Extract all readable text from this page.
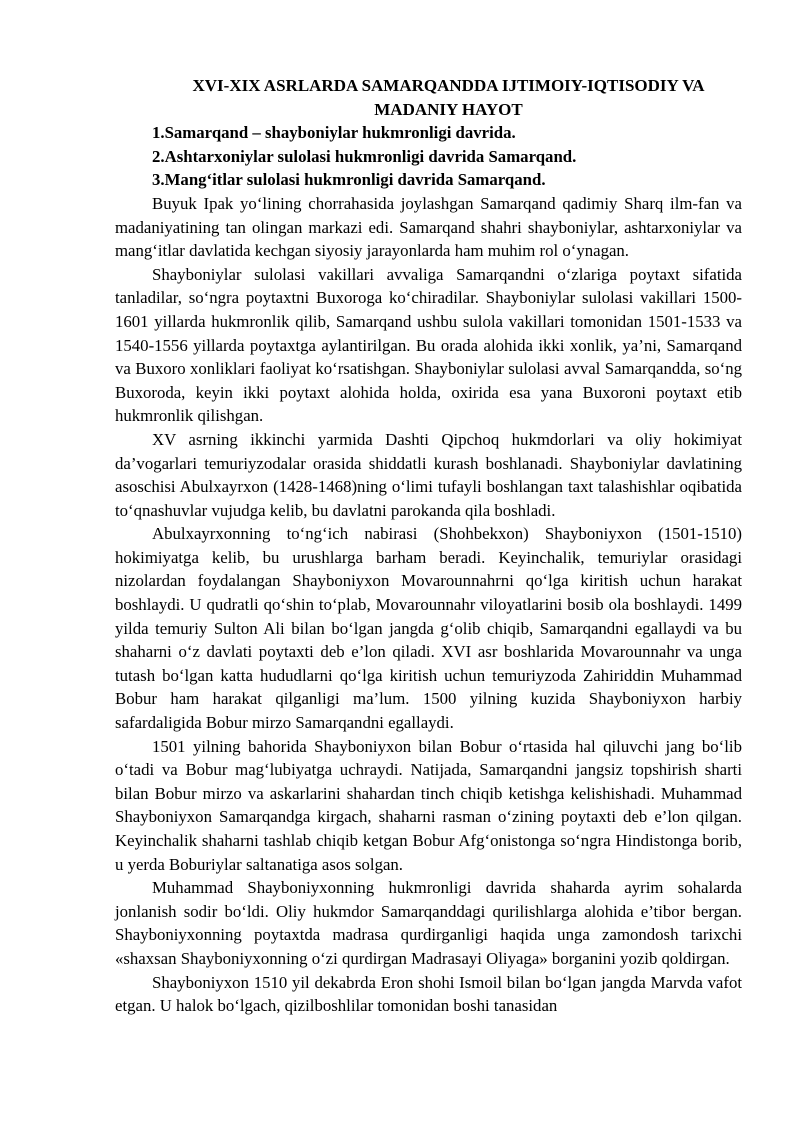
XVI-XIX ASRLARDA SAMARQANDDA IJTIMOIY-IQTISODIY VA MADANIY HAYOT
1.Samarqand – shayboniylar hukmronligi davrida.
2.Ashtarxoniylar sulolasi hukmronligi davrida Samarqand.
3.Mang‘itlar sulolasi hukmronligi davrida Samarqand.

Buyuk Ipak yo‘lining chorrahasida joylashgan Samarqand qadimiy Sharq ilm-fan va madaniyatining tan olingan markazi edi. Samarqand shahri shayboniylar, ashtarxoniylar va mang‘itlar davlatida kechgan siyosiy jarayonlarda ham muhim rol o‘ynagan.

Shayboniylar sulolasi vakillari avvaliga Samarqandni o‘zlariga poytaxt sifatida tanladilar, so‘ngra poytaxtni Buxoroga ko‘chiradilar. Shayboniylar sulolasi vakillari 1500-1601 yillarda hukmronlik qilib, Samarqand ushbu sulola vakillari tomonidan 1501-1533 va 1540-1556 yillarda poytaxtga aylantirilgan. Bu orada alohida ikki xonlik, ya’ni, Samarqand va Buxoro xonliklari faoliyat ko‘rsatishgan. Shayboniylar sulolasi avval Samarqandda, so‘ng Buxoroda, keyin ikki poytaxt alohida holda, oxirida esa yana Buxoroni poytaxt etib hukmronlik qilishgan.

XV asrning ikkinchi yarmida Dashti Qipchoq hukmdorlari va oliy hokimiyat da’vogarlari temuriyzodalar orasida shiddatli kurash boshlanadi. Shayboniylar davlatining asoschisi Abulxayrxon (1428-1468)ning o‘limi tufayli boshlangan taxt talashishlar oqibatida to‘qnashuvlar vujudga kelib, bu davlatni parokanda qila boshladi.

Abulxayrxonning to‘ng‘ich nabirasi (Shohbekxon) Shayboniyxon (1501-1510) hokimiyatga kelib, bu urushlarga barham beradi. Keyinchalik, temuriylar orasidagi nizolardan foydalangan Shayboniyxon Movarounnahrni qo‘lga kiritish uchun harakat boshlaydi. U qudratli qo‘shin to‘plab, Movarounnahr viloyatlarini bosib ola boshlaydi. 1499 yilda temuriy Sulton Ali bilan bo‘lgan jangda g‘olib chiqib, Samarqandni egallaydi va bu shaharni o‘z davlati poytaxti deb e’lon qiladi. XVI asr boshlarida Movarounnahr va unga tutash bo‘lgan katta hududlarni qo‘lga kiritish uchun temuriyzoda Zahiriddin Muhammad Bobur ham harakat qilganligi ma’lum. 1500 yilning kuzida Shayboniyxon harbiy safardaligida Bobur mirzo Samarqandni egallaydi.

1501 yilning bahorida Shayboniyxon bilan Bobur o‘rtasida hal qiluvchi jang bo‘lib o‘tadi va Bobur mag‘lubiyatga uchraydi. Natijada, Samarqandni jangsiz topshirish sharti bilan Bobur mirzo va askarlarini shahardan tinch chiqib ketishga kelishishadi. Muhammad Shayboniyxon Samarqandga kirgach, shaharni rasman o‘zining poytaxti deb e’lon qilgan. Keyinchalik shaharni tashlab chiqib ketgan Bobur Afg‘onistonga so‘ngra Hindistonga borib, u yerda Boburiylar saltanatiga asos solgan.

Muhammad Shayboniyxonning hukmronligi davrida shaharda ayrim sohalarda jonlanish sodir bo‘ldi. Oliy hukmdor Samarqanddagi qurilishlarga alohida e’tibor bergan. Shayboniyxonning poytaxtda madrasa qurdirganligi haqida unga zamondosh tarixchi «shaxsan Shayboniyxonning o‘zi qurdirgan Madrasayi Oliyaga» borganini yozib qoldirgan.

Shayboniyxon 1510 yil dekabrda Eron shohi Ismoil bilan bo‘lgan jangda Marvda vafot etgan. U halok bo‘lgach, qizilboshlilar tomonidan boshi tanasidan
